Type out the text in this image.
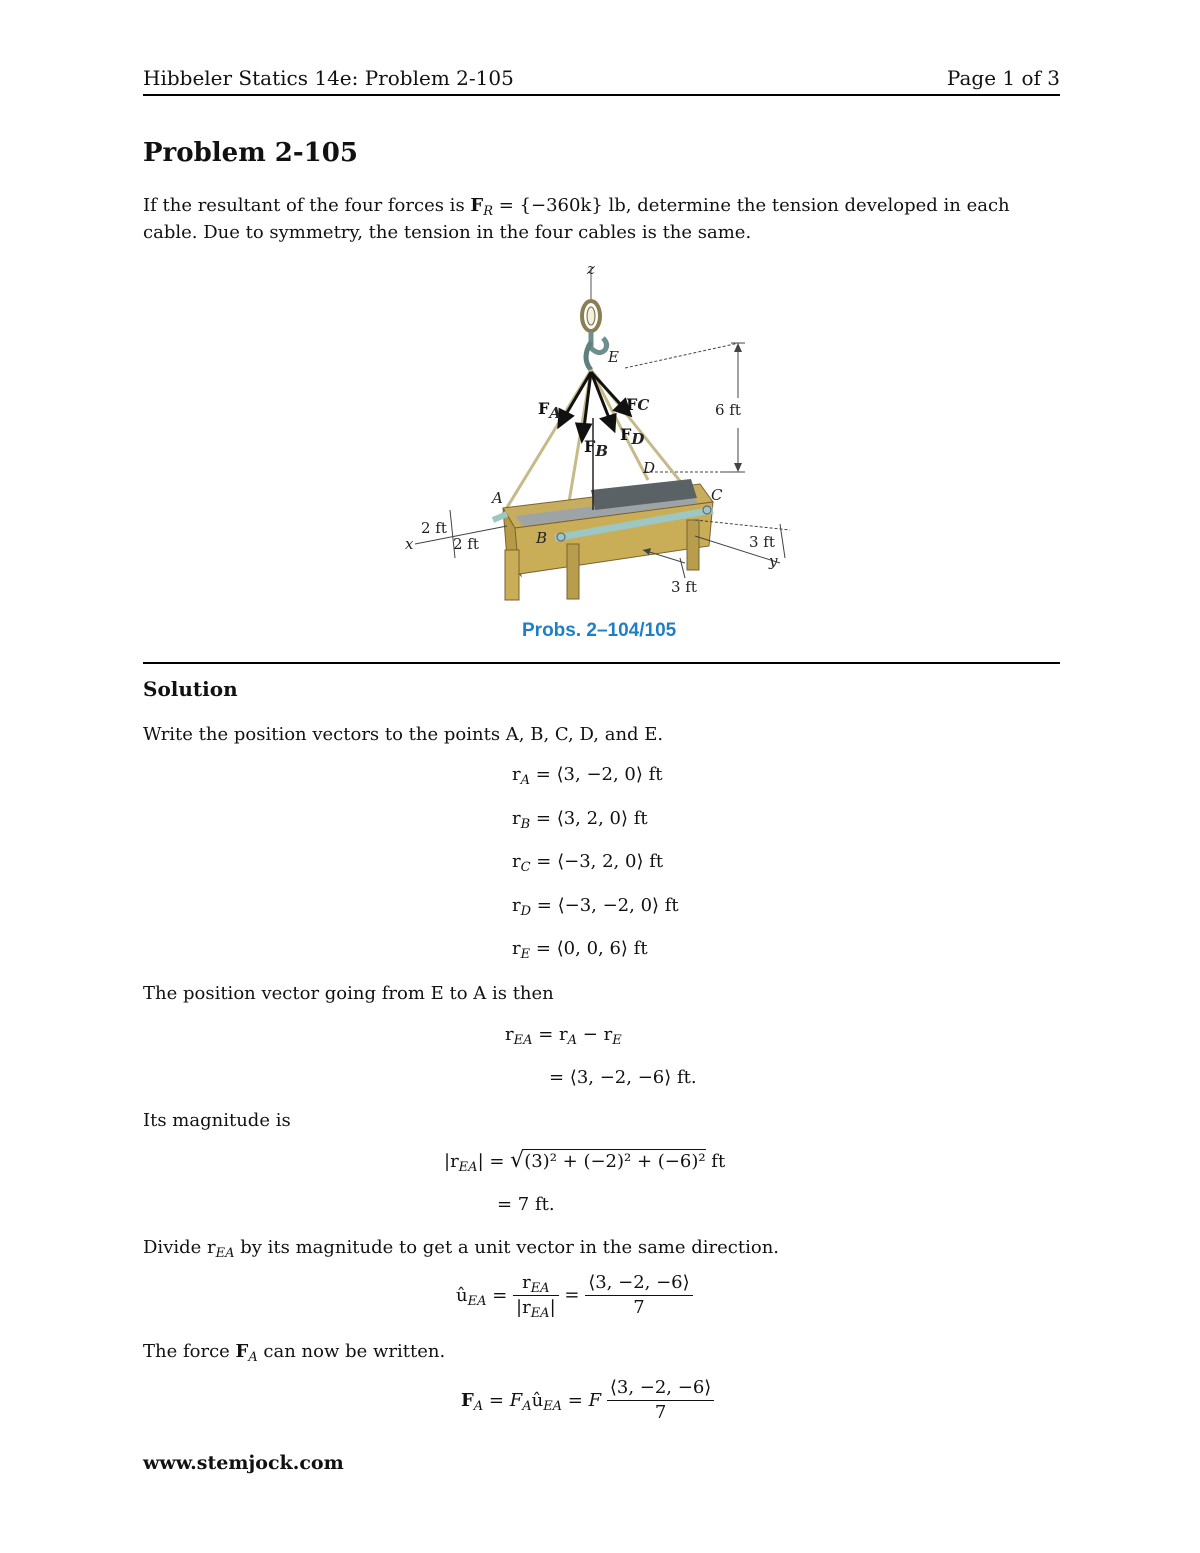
Hibbeler Statics 14e: Problem 2-105	Page 1 of 3
Problem 2-105
If the resultant of the four forces is $F_R = \{-360k\}$ lb, determine the tension developed in each
cable. Due to symmetry, the tension in the four cables is the same.
z
E
6 ft
FA
FB
FC
FD
D
A
B
C
x
y
2 ft
2 ft	3 ft
3 ft
Probs. 2–104/105
Solution
Write the position vectors to the points A, B, C, D, and E.
$r_A$ = ⟨3, −2, 0⟩ ft
$r_B$ = ⟨3, 2, 0⟩ ft
$r_C$ = ⟨−3, 2, 0⟩ ft
$r_D$ = ⟨−3, −2, 0⟩ ft
$r_E$ = ⟨0, 0, 6⟩ ft
The position vector going from E to A is then
$r_{EA} = r_A - r_E$
= ⟨3, −2, −6⟩ ft.
Its magnitude is
$|r_{EA}| = √(3)^2 + (-2)^2 + (-6)^2$ ft
= 7 ft.
Divide $r_{EA}$ by its magnitude to get a unit vector in the same direction.
$û_{EA} = \frac{r_{EA}}{|r_{EA}|} = \frac{⟨3, -2, -6⟩}{7}$
The force $F_A$ can now be written.
$F_A$ = $F_Aû_{EA} = F \frac{⟨3, -2, -6⟩}{7}$
www.stemjock.com
